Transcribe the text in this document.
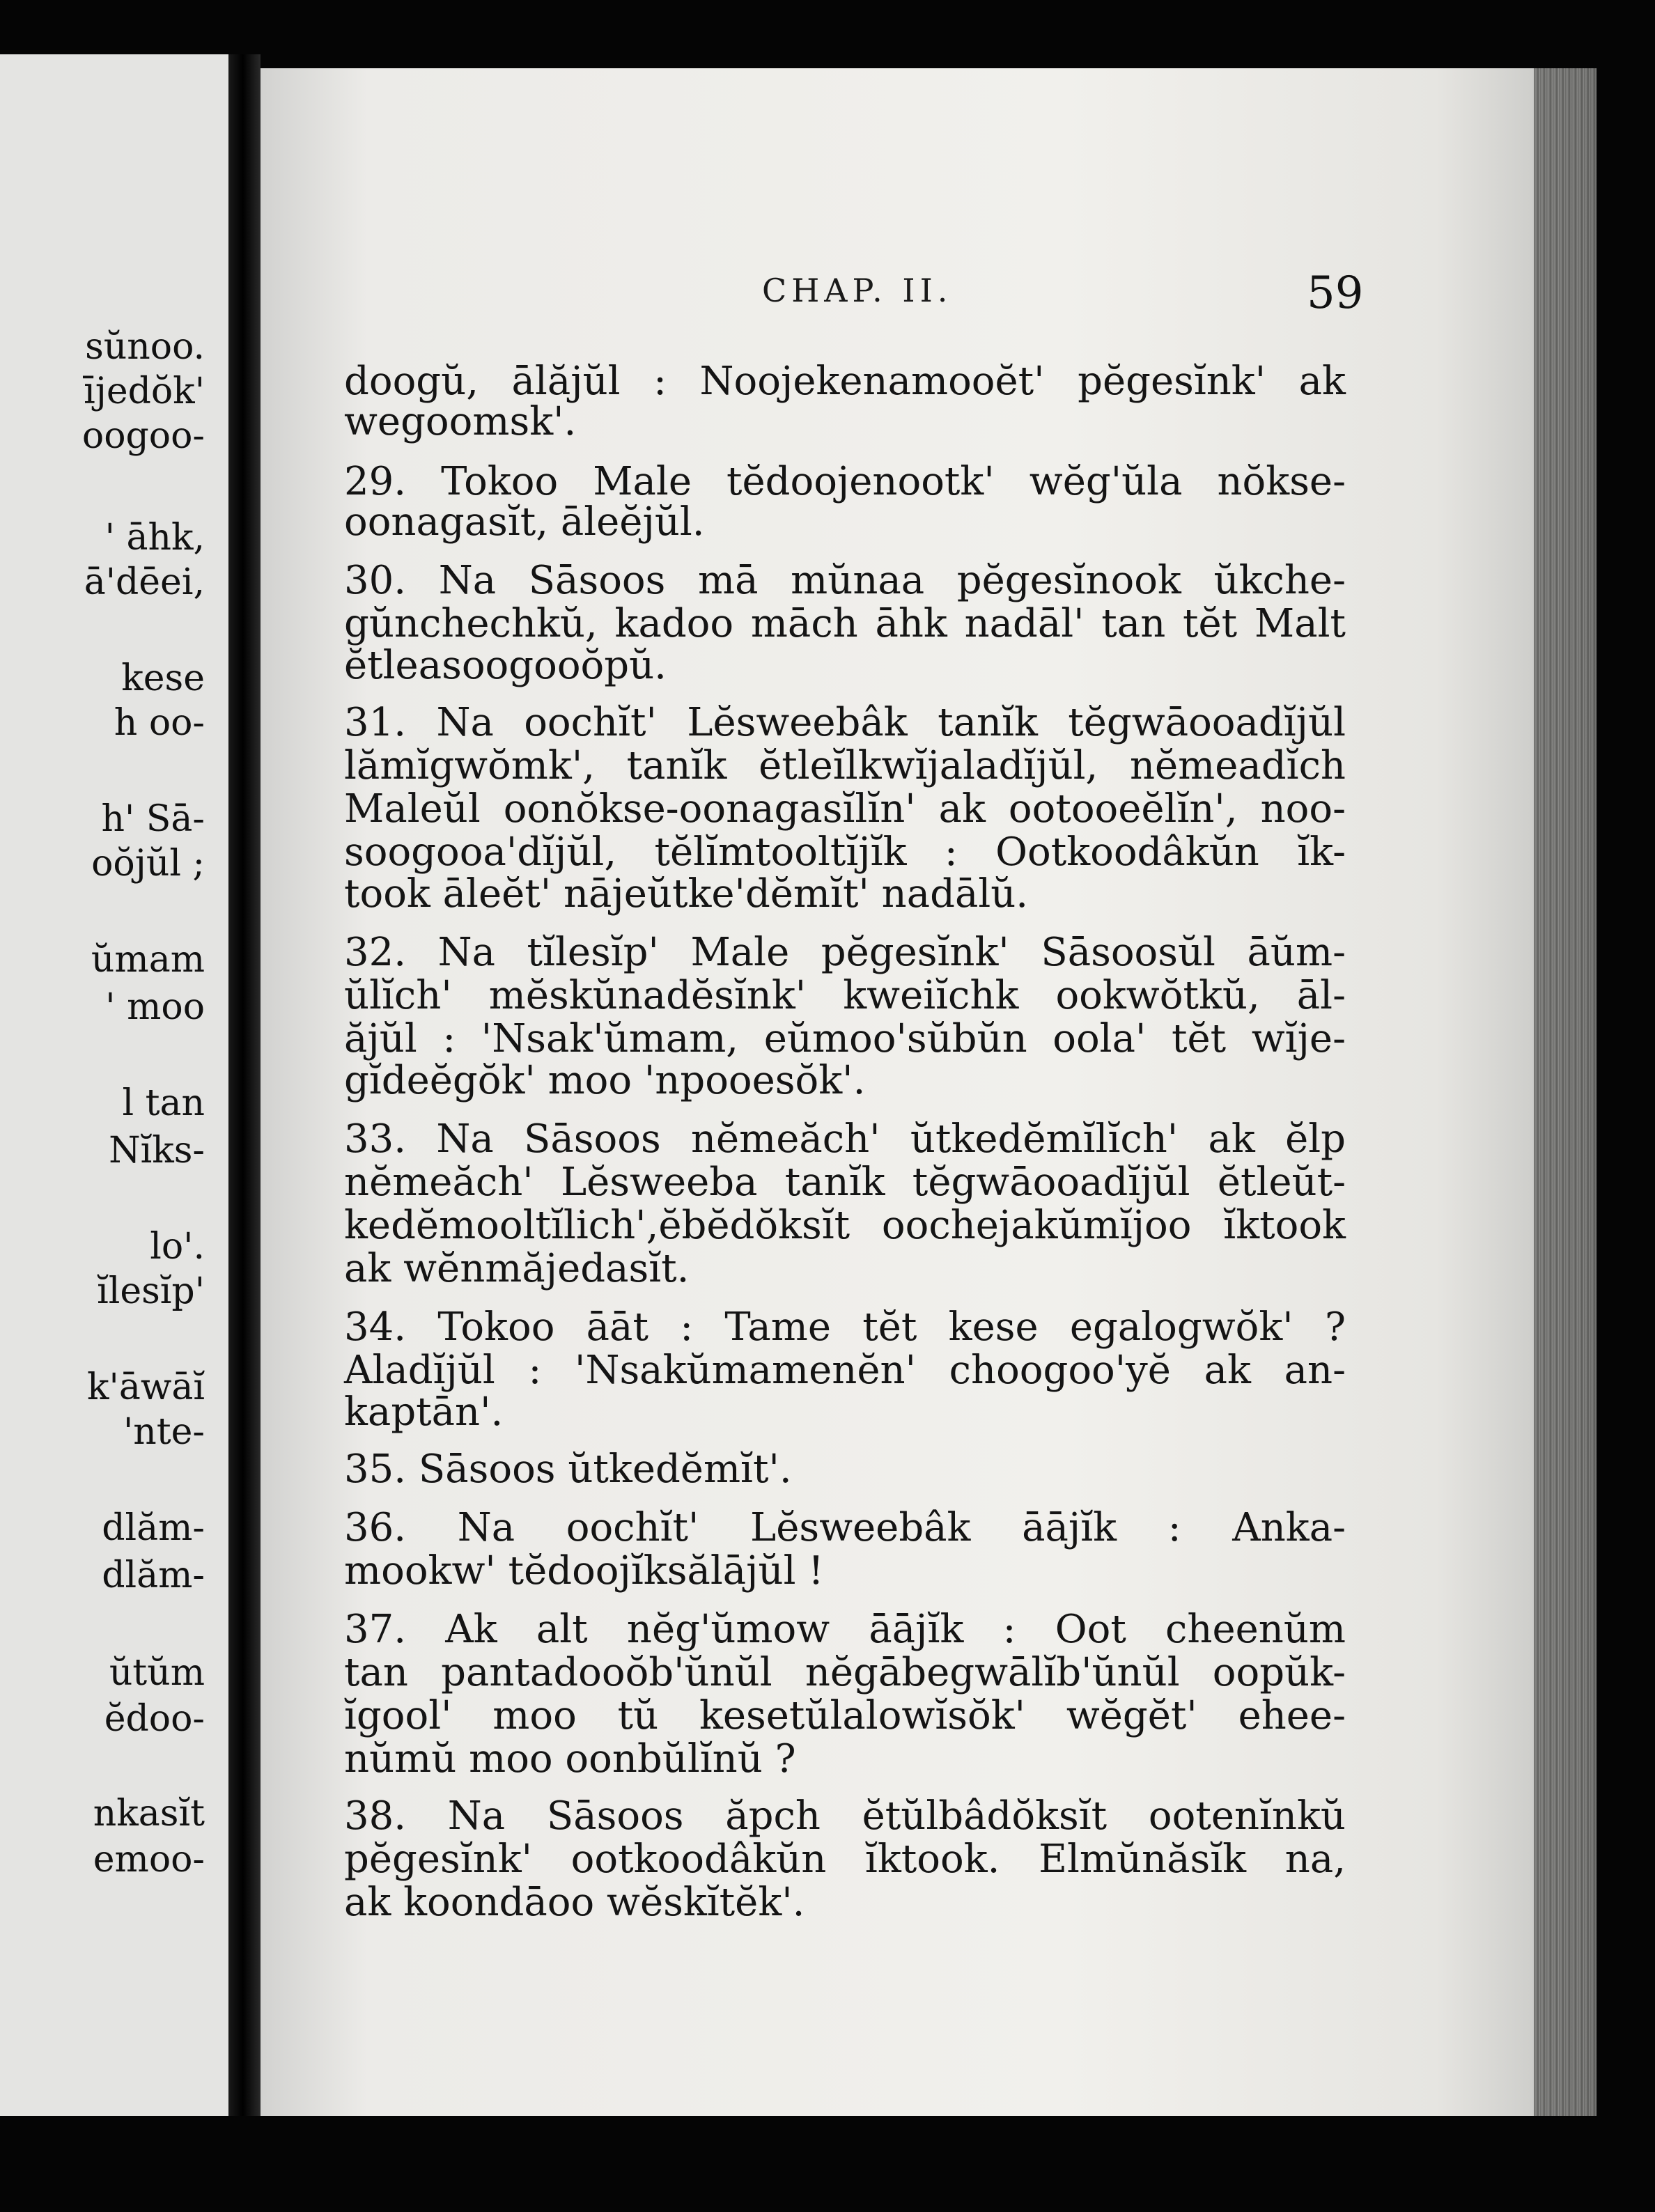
sŭnoo.
ījedŏk'
oogoo-
' āhk,
ā'dēei,
kese
h oo-
h' Sā-
oŏjŭl ;
ŭmam
' moo
l tan
Nĭks-
lo'.
ĭlesĭp'
k'āwāĭ
'nte-
dlăm-
dlăm-
ŭtŭm
ĕdoo-
nkasĭt
emoo-
CHAP. II.	59
doogŭ, ālăjŭl : Noojekenamooĕt' pĕgesĭnk' ak
wegoomsk'.
29. Tokoo Male tĕdoojenootk' wĕg'ŭla nŏkse-
oonagasĭt, āleĕjŭl.
30. Na Sāsoos mā mŭnaa pĕgesĭnook ŭkche-
gŭnchechkŭ, kadoo māch āhk nadāl' tan tĕt Malt
ĕtleasoogooŏpŭ.
31. Na oochĭt' Lĕsweebâk tanĭk tĕgwāooadĭjŭl
lămĭgwŏmk', tanĭk ĕtleĭlkwĭjaladĭjŭl, nĕmeadĭch
Maleŭl oonŏkse-oonagasĭlĭn' ak ootooeĕlĭn', noo-
soogooa'dĭjŭl, tĕlĭmtooltĭjĭk : Ootkoodâkŭn ĭk-
took āleĕt' nājeŭtke'dĕmĭt' nadālŭ.
32. Na tĭlesĭp' Male pĕgesĭnk' Sāsoosŭl āŭm-
ŭlĭch' mĕskŭnadĕsĭnk' kweiĭchk ookwŏtkŭ, āl-
ăjŭl : 'Nsak'ŭmam, eŭmoo'sŭbŭn oola' tĕt wĭje-
gĭdeĕgŏk' moo 'npooesŏk'.
33. Na Sāsoos nĕmeăch' ŭtkedĕmĭlĭch' ak ĕlp
nĕmeăch' Lĕsweeba tanĭk tĕgwāooadĭjŭl ĕtleŭt-
kedĕmooltĭlich',ĕbĕdŏksĭt oochejakŭmĭjoo ĭktook
ak wĕnmăjedasĭt.
34. Tokoo āāt : Tame tĕt kese egalogwŏk' ?
Aladĭjŭl : 'Nsakŭmamenĕn' choogoo'yĕ ak an-
kaptān'.
35. Sāsoos ŭtkedĕmĭt'.
36. Na oochĭt' Lĕsweebâk āājĭk : Anka-
mookw' tĕdoojĭksălājŭl !
37. Ak alt nĕg'ŭmow āājĭk : Oot cheenŭm
tan pantadooŏb'ŭnŭl nĕgābegwālĭb'ŭnŭl oopŭk-
ĭgool' moo tŭ kesetŭlalowĭsŏk' wĕgĕt' ehee-
nŭmŭ moo oonbŭlĭnŭ ?
38. Na Sāsoos ăpch ĕtŭlbâdŏksĭt ootenĭnkŭ
pĕgesĭnk' ootkoodâkŭn ĭktook. Elmŭnăsĭk na,
ak koondāoo wĕskĭtĕk'.
